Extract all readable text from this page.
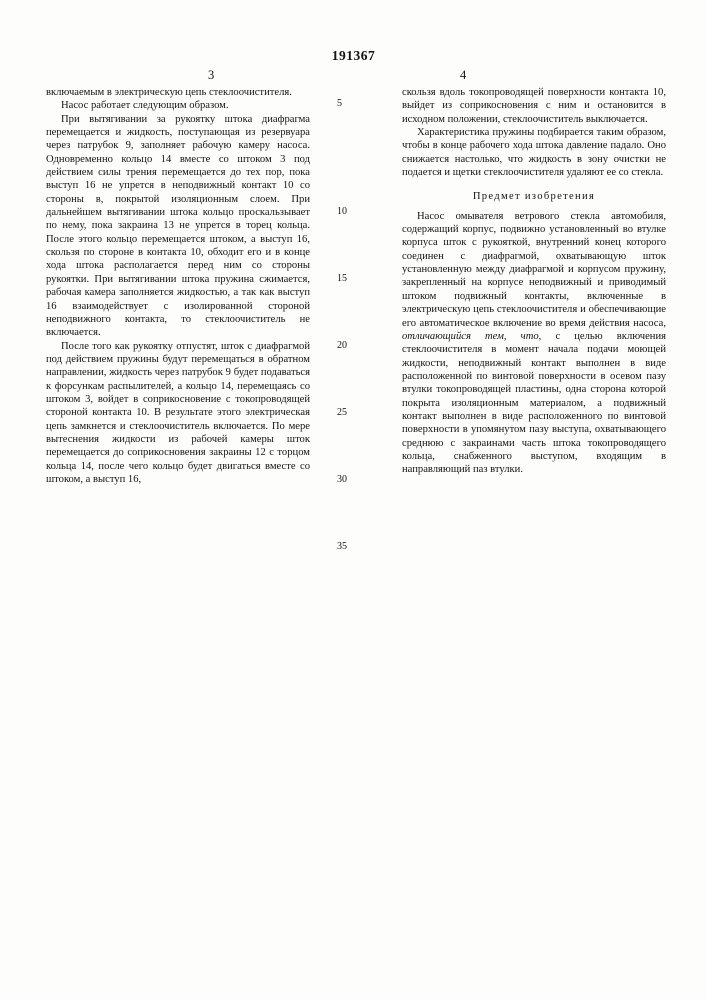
191367
3	4
5
10
15
20
25
30
35

включаемым в электрическую цепь стеклоочистителя.

Насос работает следующим образом.

При вытягивании за рукоятку штока диафрагма перемещается и жидкость, поступающая из резервуара через патрубок 9, заполняет рабочую камеру насоса. Одновременно кольцо 14 вместе со штоком 3 под действием силы трения перемещается до тех пор, пока выступ 16 не упрется в неподвижный контакт 10 со стороны в, покрытой изоляционным слоем. При дальнейшем вытягивании штока кольцо проскальзывает по нему, пока закраина 13 не упрется в торец кольца. После этого кольцо перемещается штоком, а выступ 16, скользя по стороне в контакта 10, обходит его и в конце хода штока располагается перед ним со стороны рукоятки. При вытягивании штока пружина сжимается, рабочая камера заполняется жидкостью, а так как выступ 16 взаимодействует с изолированной стороной неподвижного контакта, то стеклоочиститель не включается.

После того как рукоятку отпустят, шток с диафрагмой под действием пружины будут перемещаться в обратном направлении, жидкость через патрубок 9 будет подаваться к форсункам распылителей, а кольцо 14, перемещаясь со штоком 3, войдет в соприкосновение с токопроводящей стороной контакта 10. В результате этого электрическая цепь замкнется и стеклоочиститель включается. По мере вытеснения жидкости из рабочей камеры шток перемещается до соприкосновения закраины 12 с торцом кольца 14, после чего кольцо будет двигаться вместе со штоком, а выступ 16,

скользя вдоль токопроводящей поверхности контакта 10, выйдет из соприкосновения с ним и остановится в исходном положении, стеклоочиститель выключается.

Характеристика пружины подбирается таким образом, чтобы в конце рабочего хода штока давление падало. Оно снижается настолько, что жидкость в зону очистки не подается и щетки стеклоочистителя удаляют ее со стекла.

Предмет изобретения

Насос омывателя ветрового стекла автомобиля, содержащий корпус, подвижно установленный во втулке корпуса шток с рукояткой, внутренний конец которого соединен с диафрагмой, охватывающую шток установленную между диафрагмой и корпусом пружину, закрепленный на корпусе неподвижный и приводимый штоком подвижный контакты, включенные в электрическую цепь стеклоочистителя и обеспечивающие его автоматическое включение во время действия насоса, отличающийся тем, что, с целью включения стеклоочистителя в момент начала подачи моющей жидкости, неподвижный контакт выполнен в виде расположенной по винтовой поверхности в осевом пазу втулки токопроводящей пластины, одна сторона которой покрыта изоляционным материалом, а подвижный контакт выполнен в виде расположенного по винтовой поверхности в упомянутом пазу выступа, охватывающего среднюю с закраинами часть штока токопроводящего кольца, снабженного выступом, входящим в направляющий паз втулки.
